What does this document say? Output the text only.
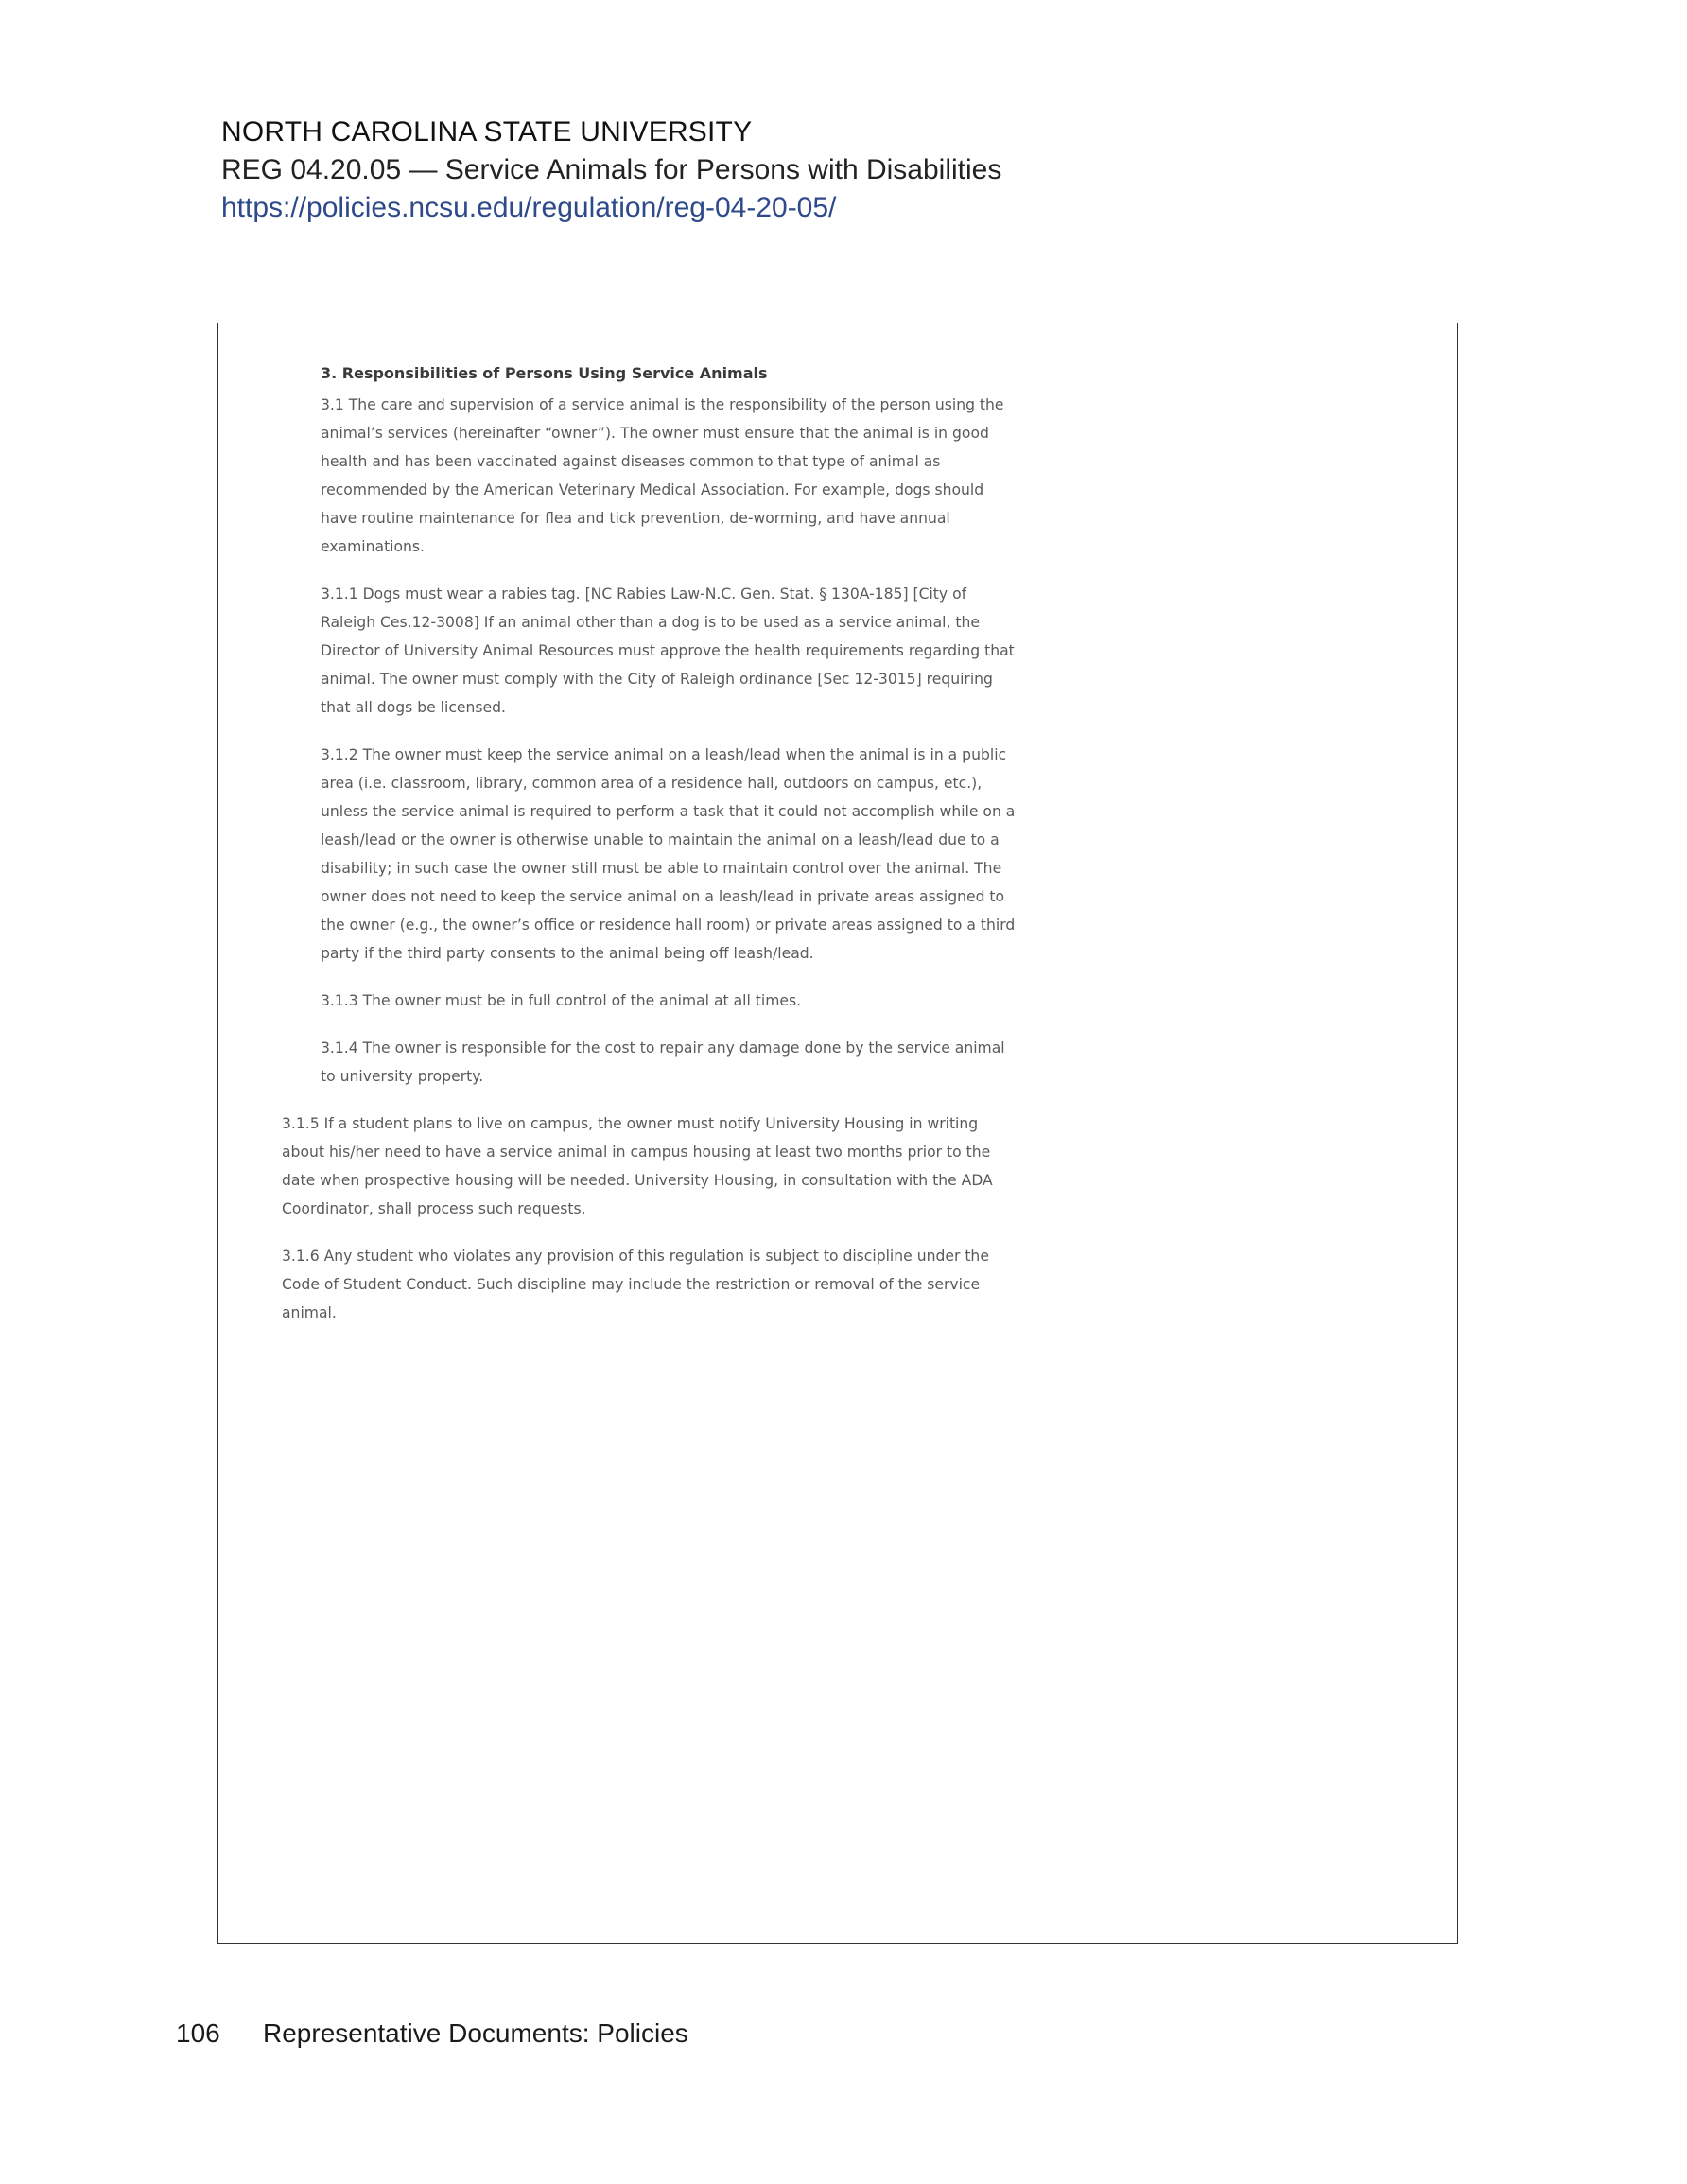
NORTH CAROLINA STATE UNIVERSITY
REG 04.20.05 — Service Animals for Persons with Disabilities
https://policies.ncsu.edu/regulation/reg-04-20-05/
3. Responsibilities of Persons Using Service Animals

3.1 The care and supervision of a service animal is the responsibility of the person using the animal’s services (hereinafter “owner”). The owner must ensure that the animal is in good health and has been vaccinated against diseases common to that type of animal as recommended by the American Veterinary Medical Association. For example, dogs should have routine maintenance for flea and tick prevention, de-worming, and have annual examinations.

3.1.1 Dogs must wear a rabies tag. [NC Rabies Law-N.C. Gen. Stat. § 130A-185] [City of Raleigh Ces.12-3008] If an animal other than a dog is to be used as a service animal, the Director of University Animal Resources must approve the health requirements regarding that animal. The owner must comply with the City of Raleigh ordinance [Sec 12-3015] requiring that all dogs be licensed.

3.1.2 The owner must keep the service animal on a leash/lead when the animal is in a public area (i.e. classroom, library, common area of a residence hall, outdoors on campus, etc.), unless the service animal is required to perform a task that it could not accomplish while on a leash/lead or the owner is otherwise unable to maintain the animal on a leash/lead due to a disability; in such case the owner still must be able to maintain control over the animal. The owner does not need to keep the service animal on a leash/lead in private areas assigned to the owner (e.g., the owner’s office or residence hall room) or private areas assigned to a third party if the third party consents to the animal being off leash/lead.

3.1.3 The owner must be in full control of the animal at all times.

3.1.4 The owner is responsible for the cost to repair any damage done by the service animal to university property.

3.1.5 If a student plans to live on campus, the owner must notify University Housing in writing about his/her need to have a service animal in campus housing at least two months prior to the date when prospective housing will be needed. University Housing, in consultation with the ADA Coordinator, shall process such requests.

3.1.6 Any student who violates any provision of this regulation is subject to discipline under the Code of Student Conduct. Such discipline may include the restriction or removal of the service animal.

106 Representative Documents: Policies
